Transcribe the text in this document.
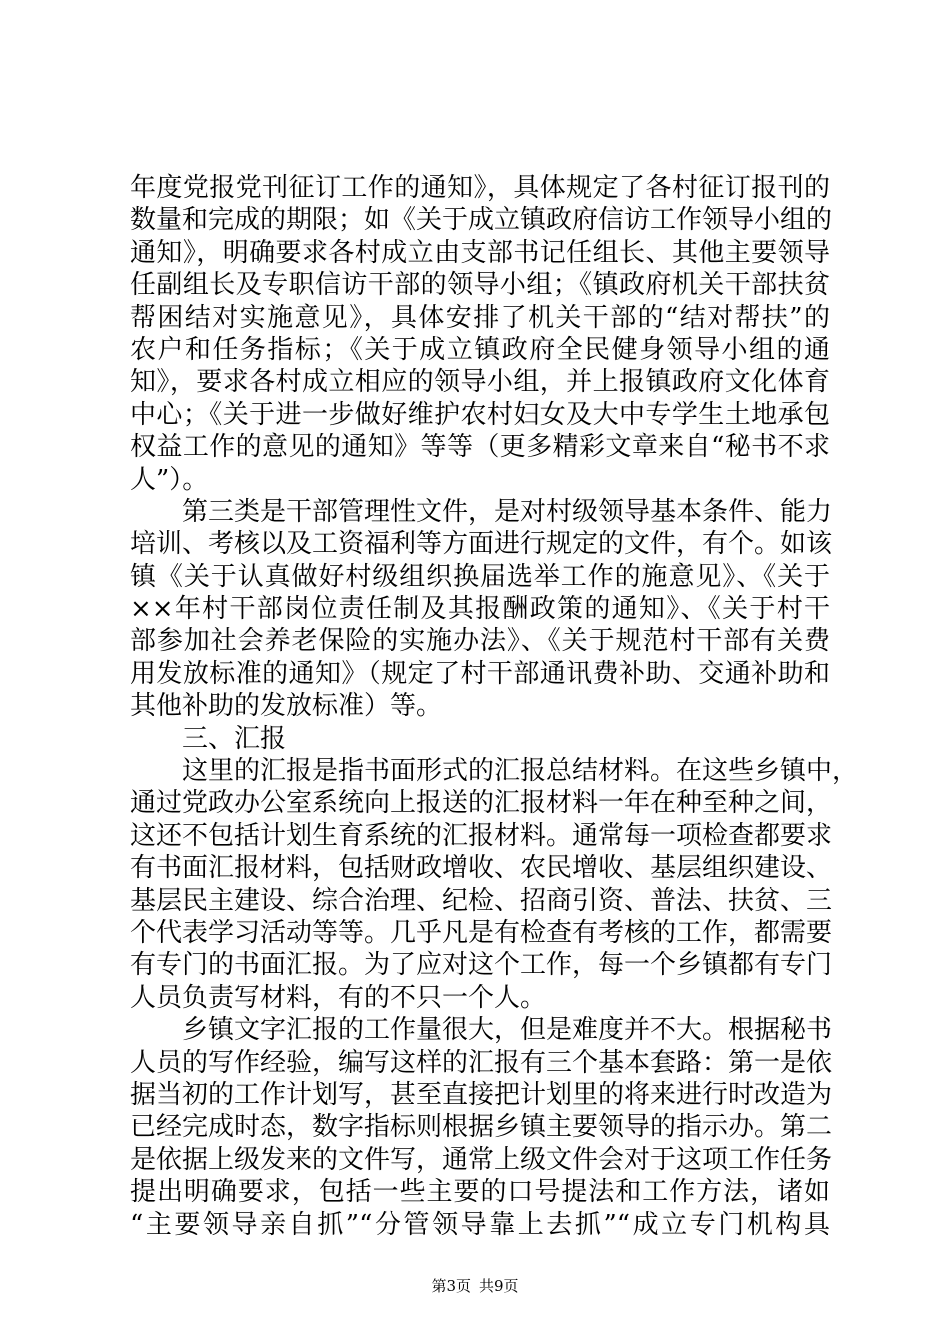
年度党报党刊征订工作的通知》，具体规定了各村征订报刊的
数量和完成的期限；如《关于成立镇政府信访工作领导小组的
通知》，明确要求各村成立由支部书记任组长、其他主要领导
任副组长及专职信访干部的领导小组；《镇政府机关干部扶贫
帮困结对实施意见》，具体安排了机关干部的“结对帮扶”的
农户和任务指标；《关于成立镇政府全民健身领导小组的通
知》，要求各村成立相应的领导小组，并上报镇政府文化体育
中心；《关于进一步做好维护农村妇女及大中专学生土地承包
权益工作的意见的通知》等等（更多精彩文章来自“秘书不求
人”）。
第三类是干部管理性文件，是对村级领导基本条件、能力
培训、考核以及工资福利等方面进行规定的文件，有个。如该
镇《关于认真做好村级组织换届选举工作的施意见》、《关于
××年村干部岗位责任制及其报酬政策的通知》、《关于村干
部参加社会养老保险的实施办法》、《关于规范村干部有关费
用发放标准的通知》（规定了村干部通讯费补助、交通补助和
其他补助的发放标准）等。
三、汇报
这里的汇报是指书面形式的汇报总结材料。在这些乡镇中，
通过党政办公室系统向上报送的汇报材料一年在种至种之间，
这还不包括计划生育系统的汇报材料。通常每一项检查都要求
有书面汇报材料，包括财政增收、农民增收、基层组织建设、
基层民主建设、综合治理、纪检、招商引资、普法、扶贫、三
个代表学习活动等等。几乎凡是有检查有考核的工作，都需要
有专门的书面汇报。为了应对这个工作，每一个乡镇都有专门
人员负责写材料，有的不只一个人。
乡镇文字汇报的工作量很大，但是难度并不大。根据秘书
人员的写作经验，编写这样的汇报有三个基本套路：第一是依
据当初的工作计划写，甚至直接把计划里的将来进行时改造为
已经完成时态，数字指标则根据乡镇主要领导的指示办。第二
是依据上级发来的文件写，通常上级文件会对于这项工作任务
提出明确要求，包括一些主要的口号提法和工作方法，诸如
“主要领导亲自抓”“分管领导靠上去抓”“成立专门机构具
第3页 共9页
